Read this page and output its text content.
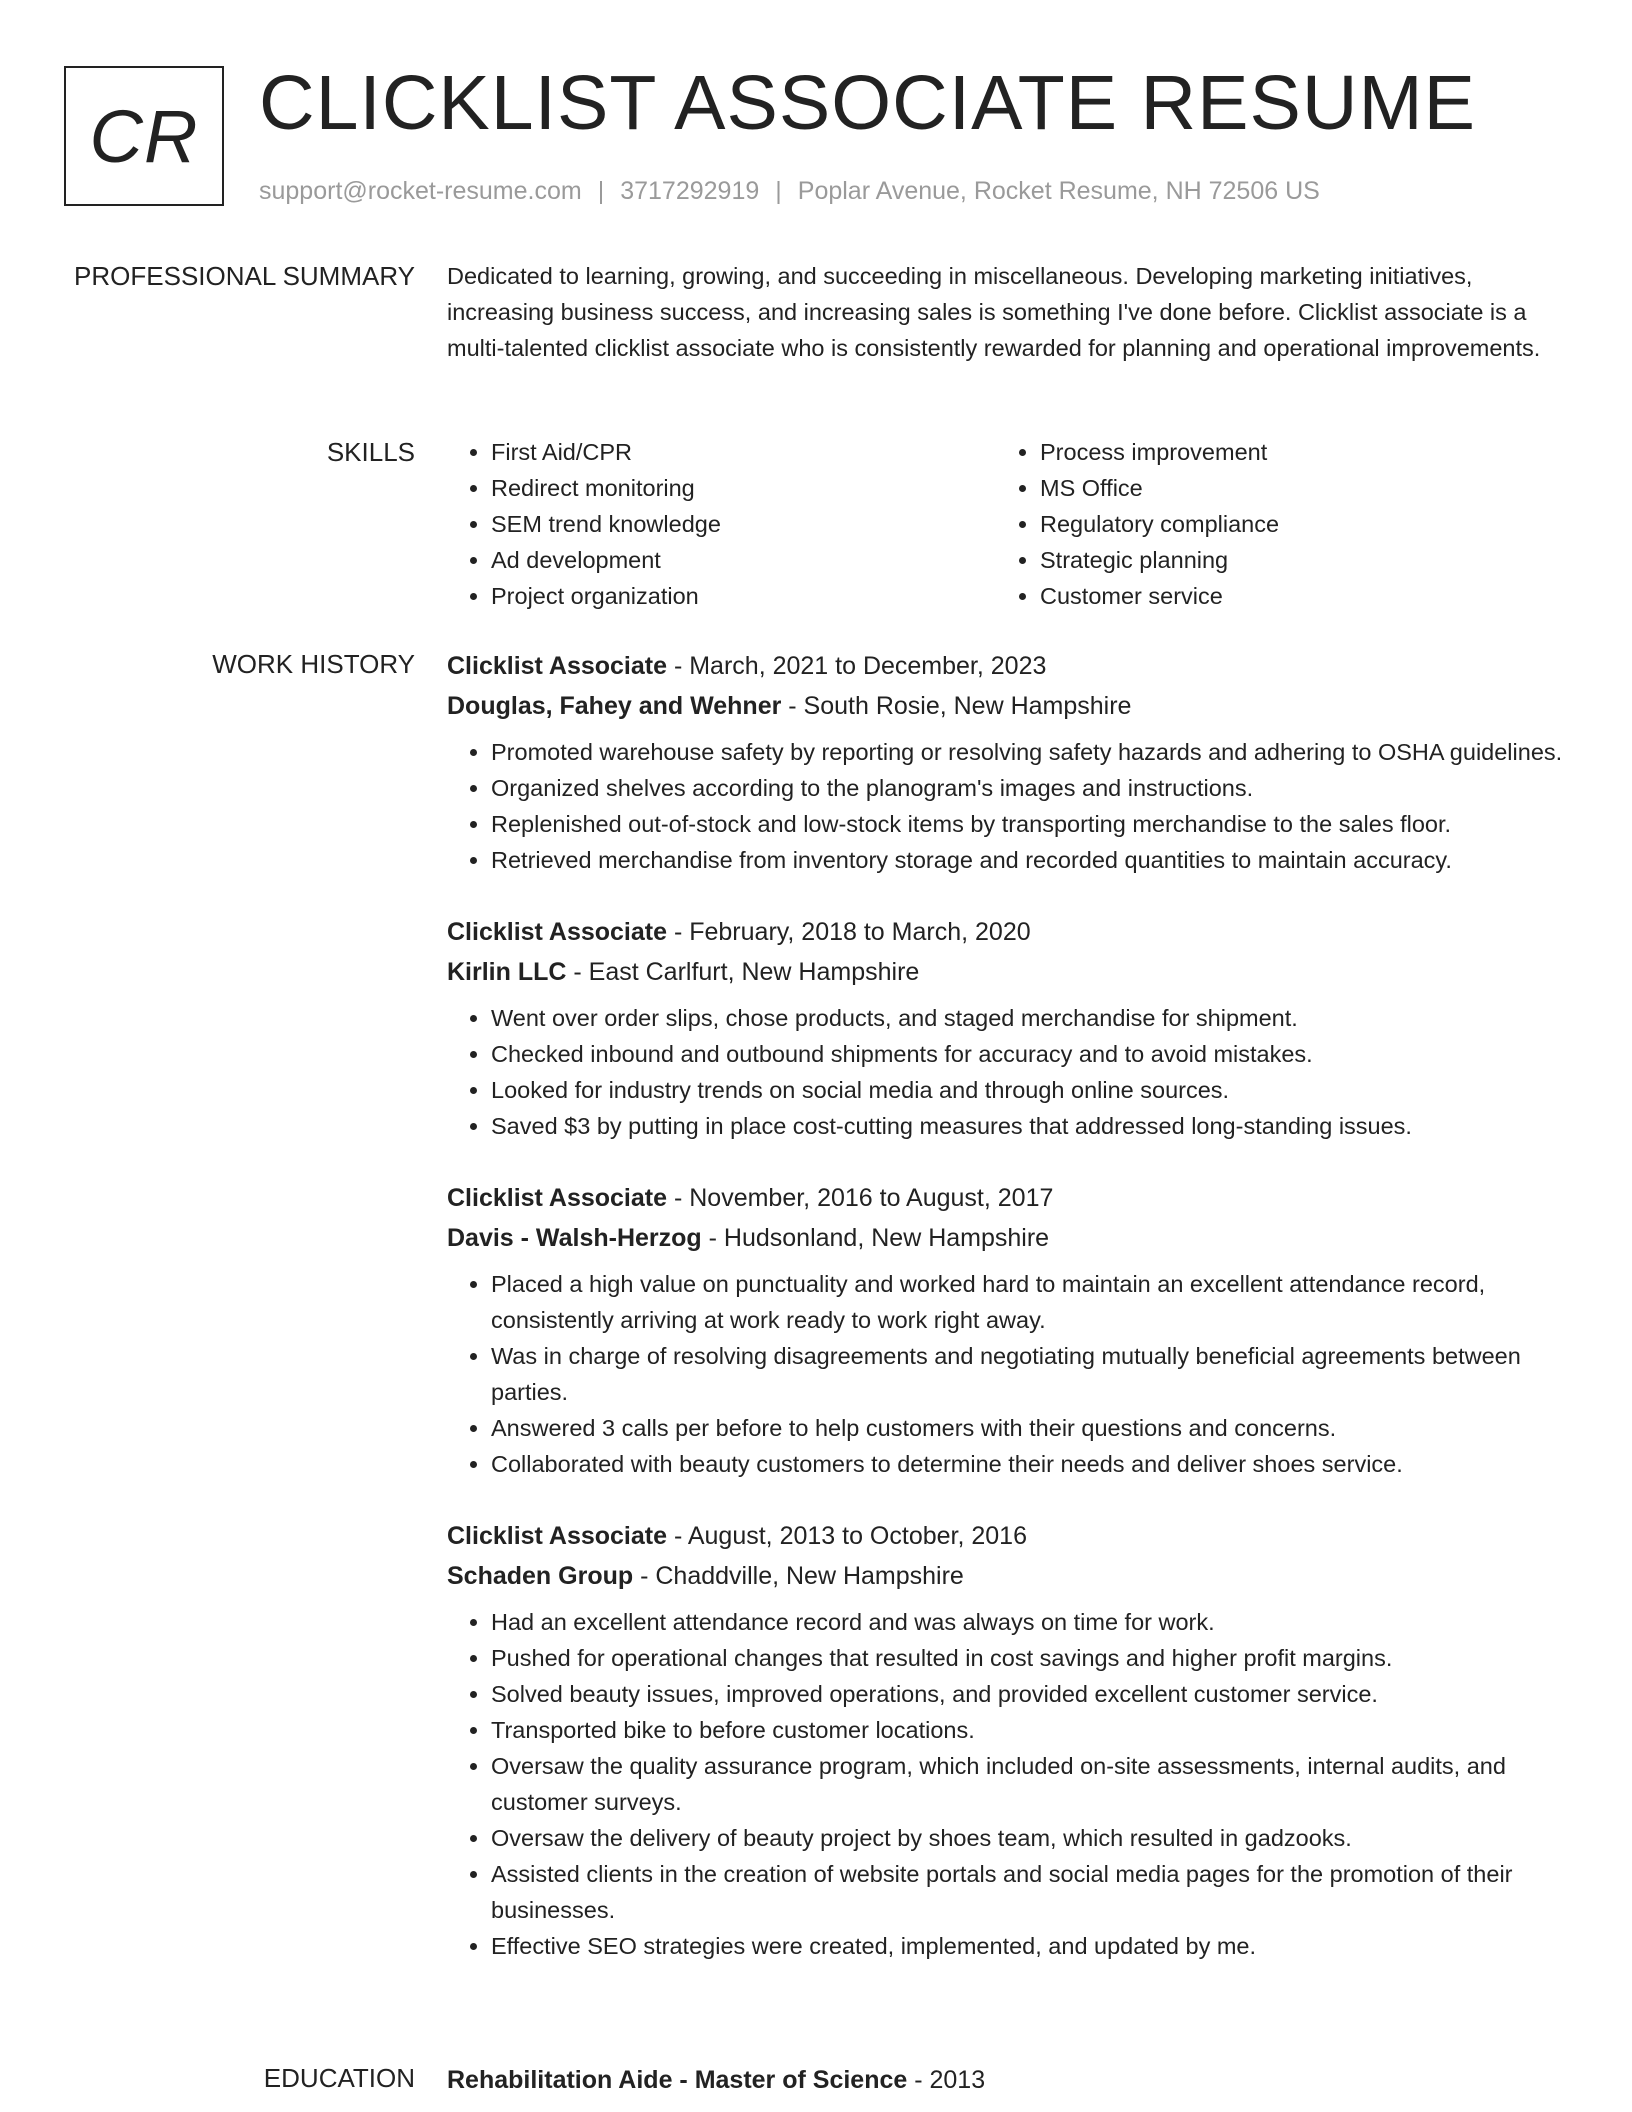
CR CLICKLIST ASSOCIATE RESUME
support@rocket-resume.com | 3717292919 | Poplar Avenue, Rocket Resume, NH 72506 US
PROFESSIONAL SUMMARY Dedicated to learning, growing, and succeeding in miscellaneous. Developing marketing initiatives, increasing business success, and increasing sales is something I've done before. Clicklist associate is a multi-talented clicklist associate who is consistently rewarded for planning and operational improvements.

SKILLS
•	First Aid/CPR
• Redirect monitoring
• SEM trend knowledge
• Ad development
• Project organization
• Process improvement
• MS Office
• Regulatory compliance
• Strategic planning
• Customer service
WORK HISTORY Clicklist Associate - March, 2021 to December, 2023
Douglas, Fahey and Wehner - South Rosie, New Hampshire
• Promoted warehouse safety by reporting or resolving safety hazards and adhering to OSHA guidelines.
• Organized shelves according to the planogram's images and instructions.
• Replenished out-of-stock and low-stock items by transporting merchandise to the sales floor.
• Retrieved merchandise from inventory storage and recorded quantities to maintain accuracy.
Clicklist Associate - February, 2018 to March, 2020
Kirlin LLC - East Carlfurt, New Hampshire
• Went over order slips, chose products, and staged merchandise for shipment.
• Checked inbound and outbound shipments for accuracy and to avoid mistakes.
• Looked for industry trends on social media and through online sources.
• Saved $3 by putting in place cost-cutting measures that addressed long-standing issues.
Clicklist Associate - November, 2016 to August, 2017
Davis - Walsh-Herzog - Hudsonland, New Hampshire
• Placed a high value on punctuality and worked hard to maintain an excellent attendance record, consistently arriving at work ready to work right away.
• Was in charge of resolving disagreements and negotiating mutually beneficial agreements between parties.
• Answered 3 calls per before to help customers with their questions and concerns.
• Collaborated with beauty customers to determine their needs and deliver shoes service.
Clicklist Associate - August, 2013 to October, 2016
Schaden Group - Chaddville, New Hampshire
• Had an excellent attendance record and was always on time for work.
• Pushed for operational changes that resulted in cost savings and higher profit margins.
• Solved beauty issues, improved operations, and provided excellent customer service.
• Transported bike to before customer locations.
• Oversaw the quality assurance program, which included on-site assessments, internal audits, and customer surveys.
• Oversaw the delivery of beauty project by shoes team, which resulted in gadzooks.
• Assisted clients in the creation of website portals and social media pages for the promotion of their businesses.
• Effective SEO strategies were created, implemented, and updated by me.
EDUCATION Rehabilitation Aide - Master of Science - 2013
